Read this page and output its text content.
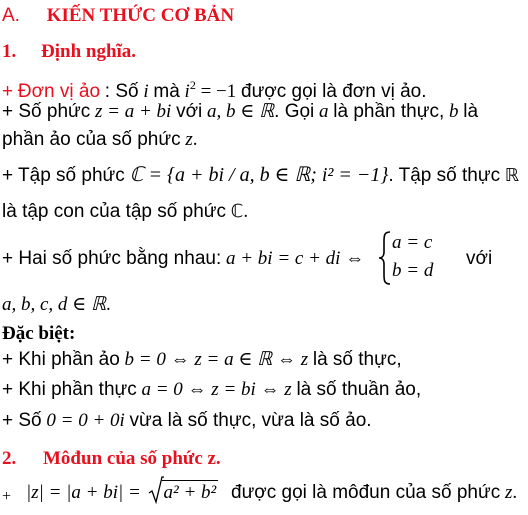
A. KIẾN THỨC CƠ BẢN
1. Định nghĩa.
+ Đơn vị ảo : Số i mà $i^2 = -1$ được gọi là đơn vị ảo.
+ Số phức z = a + bi với a, b ∈ ℝ. Gọi a là phần thực, b là
phần ảo của số phức z.
+ Tập số phức ℂ = {a + bi / a, b ∈ ℝ; i² = −1}. Tập số thực ℝ
là tập con của tập số phức ℂ.
+ Hai số phức bằng nhau: a + bi = c + di ⇔
a = c
b = d
với
a, b, c, d ∈ ℝ.
Đặc biệt:
+ Khi phần ảo b = 0 ⇔ z = a ∈ ℝ ⇔ z là số thực,
+ Khi phần thực a = 0 ⇔ z = bi ⇔ z là số thuần ảo,
+ Số 0 = 0 + 0i vừa là số thực, vừa là số ảo.
2. Môđun của số phức z.
+ |z| = |a + bi| = a² + b² được gọi là môđun của số phức z.
